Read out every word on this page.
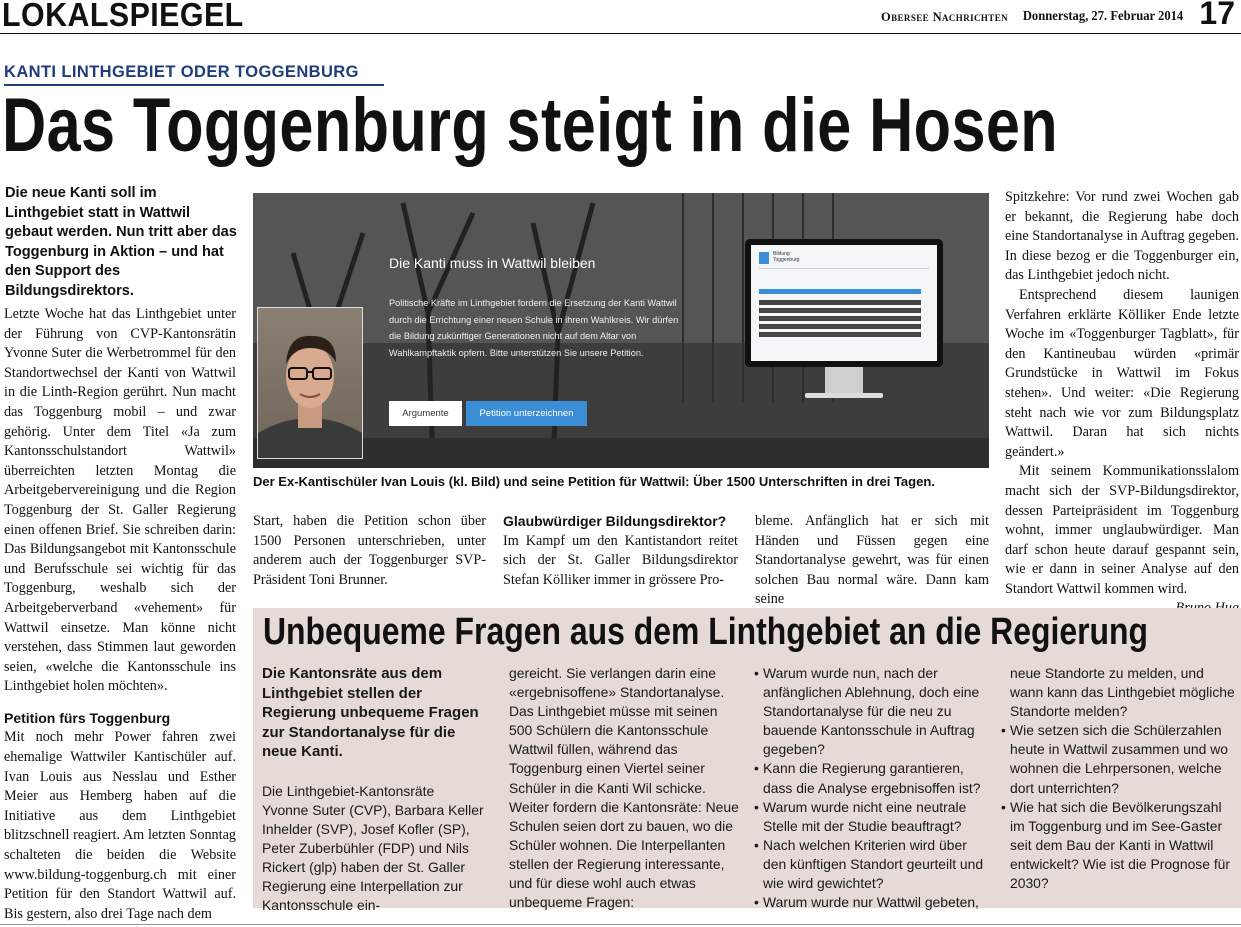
LOKALSPIEGEL	Obersee Nachrichten Donnerstag, 27. Februar 2014 17
KANTI LINTHGEBIET ODER TOGGENBURG
Das Toggenburg steigt in die Hosen
Die neue Kanti soll im Linthgebiet statt in Wattwil gebaut werden. Nun tritt aber das Toggenburg in Aktion – und hat den Support des Bildungsdirektors.

Letzte Woche hat das Linthgebiet unter der Führung von CVP-Kantonsrätin Yvonne Suter die Werbetrommel für den Standortwechsel der Kanti von Wattwil in die Linth-Region gerührt. Nun macht das Toggenburg mobil – und zwar gehörig. Unter dem Titel «Ja zum Kantonsschulstandort Wattwil» überreichten letzten Montag die Arbeitgebervereinigung und die Region Toggenburg der St. Galler Regierung einen offenen Brief. Sie schreiben darin: Das Bildungsangebot mit Kantonsschule und Berufsschule sei wichtig für das Toggenburg, weshalb sich der Arbeitgeberverband «vehement» für Wattwil einsetze. Man könne nicht verstehen, dass Stimmen laut geworden seien, «welche die Kantonsschule ins Linthgebiet holen möchten».

Petition fürs Toggenburg

Mit noch mehr Power fahren zwei ehemalige Wattwiler Kantischüler auf. Ivan Louis aus Nesslau und Esther Meier aus Hemberg haben auf die Initiative aus dem Linthgebiet blitzschnell reagiert. Am letzten Sonntag schalteten die beiden die Website www.bildung-toggenburg.ch mit einer Petition für den Standort Wattwil auf. Bis gestern, also drei Tage nach dem

Die Kanti muss in Wattwil bleiben
Politische Kräfte im Linthgebiet fordern die Ersetzung der Kanti Wattwil durch die Errichtung einer neuen Schule in ihrem Wahlkreis. Wir dürfen die Bildung zukünftiger Generationen nicht auf dem Altar von Wahlkampftaktik opfern. Bitte unterstützen Sie unsere Petition.
Argumente	Petition unterzeichnen
Bildung Toggenburg
Der Ex-Kantischüler Ivan Louis (kl. Bild) und seine Petition für Wattwil: Über 1500 Unterschriften in drei Tagen.

Start, haben die Petition schon über 1500 Personen unterschrieben, unter anderem auch der Toggenburger SVP-Präsident Toni Brunner.

Glaubwürdiger Bildungsdirektor?

Im Kampf um den Kantistandort reitet sich der St. Galler Bildungsdirektor Stefan Kölliker immer in grössere Pro-

bleme. Anfänglich hat er sich mit Händen und Füssen gegen eine Standortanalyse gewehrt, was für einen solchen Bau normal wäre. Dann kam seine

Spitzkehre: Vor rund zwei Wochen gab er bekannt, die Regierung habe doch eine Standortanalyse in Auftrag gegeben. In diese bezog er die Toggenburger ein, das Linthgebiet jedoch nicht.

Entsprechend diesem launigen Verfahren erklärte Kölliker Ende letzte Woche im «Toggenburger Tagblatt», für den Kantineubau würden «primär Grundstücke in Wattwil im Fokus stehen». Und weiter: «Die Regierung steht nach wie vor zum Bildungsplatz Wattwil. Daran hat sich nichts geändert.»

Mit seinem Kommunikationsslalom macht sich der SVP-Bildungsdirektor, dessen Parteipräsident im Toggenburg wohnt, immer unglaubwürdiger. Man darf schon heute darauf gespannt sein, wie er dann in seiner Analyse auf den Standort Wattwil kommen wird.

Unbequeme Fragen aus dem Linthgebiet an die Regierung
Die Kantonsräte aus dem Linthgebiet stellen der Regierung unbequeme Fragen zur Standortanalyse für die neue Kanti.
Die Linthgebiet-Kantonsräte Yvonne Suter (CVP), Barbara Keller Inhelder (SVP), Josef Kofler (SP), Peter Zuberbühler (FDP) und Nils Rickert (glp) haben der St. Galler Regierung eine Interpellation zur Kantonsschule ein-
gereicht. Sie verlangen darin eine «ergebnisoffene» Standortanalyse. Das Linthgebiet müsse mit seinen 500 Schülern die Kantonsschule Wattwil füllen, während das Toggenburg einen Viertel seiner Schüler in die Kanti Wil schicke. Weiter fordern die Kantonsräte: Neue Schulen seien dort zu bauen, wo die Schüler wohnen. Die Interpellanten stellen der Regierung interessante, und für diese wohl auch etwas unbequeme Fragen:
• Warum wurde nun, nach der anfänglichen Ablehnung, doch eine Standortanalyse für die neu zu bauende Kantonsschule in Auftrag gegeben?
• Kann die Regierung garantieren, dass die Analyse ergebnisoffen ist?
• Warum wurde nicht eine neutrale Stelle mit der Studie beauftragt?
• Nach welchen Kriterien wird über den künftigen Standort geurteilt und wie wird gewichtet?
• Warum wurde nur Wattwil gebeten,
neue Standorte zu melden, und wann kann das Linthgebiet mögliche Standorte melden?
• Wie setzen sich die Schülerzahlen heute in Wattwil zusammen und wo wohnen die Lehrpersonen, welche dort unterrichten?
• Wie hat sich die Bevölkerungszahl im Toggenburg und im See-Gaster seit dem Bau der Kanti in Wattwil entwickelt? Wie ist die Prognose für 2030?
